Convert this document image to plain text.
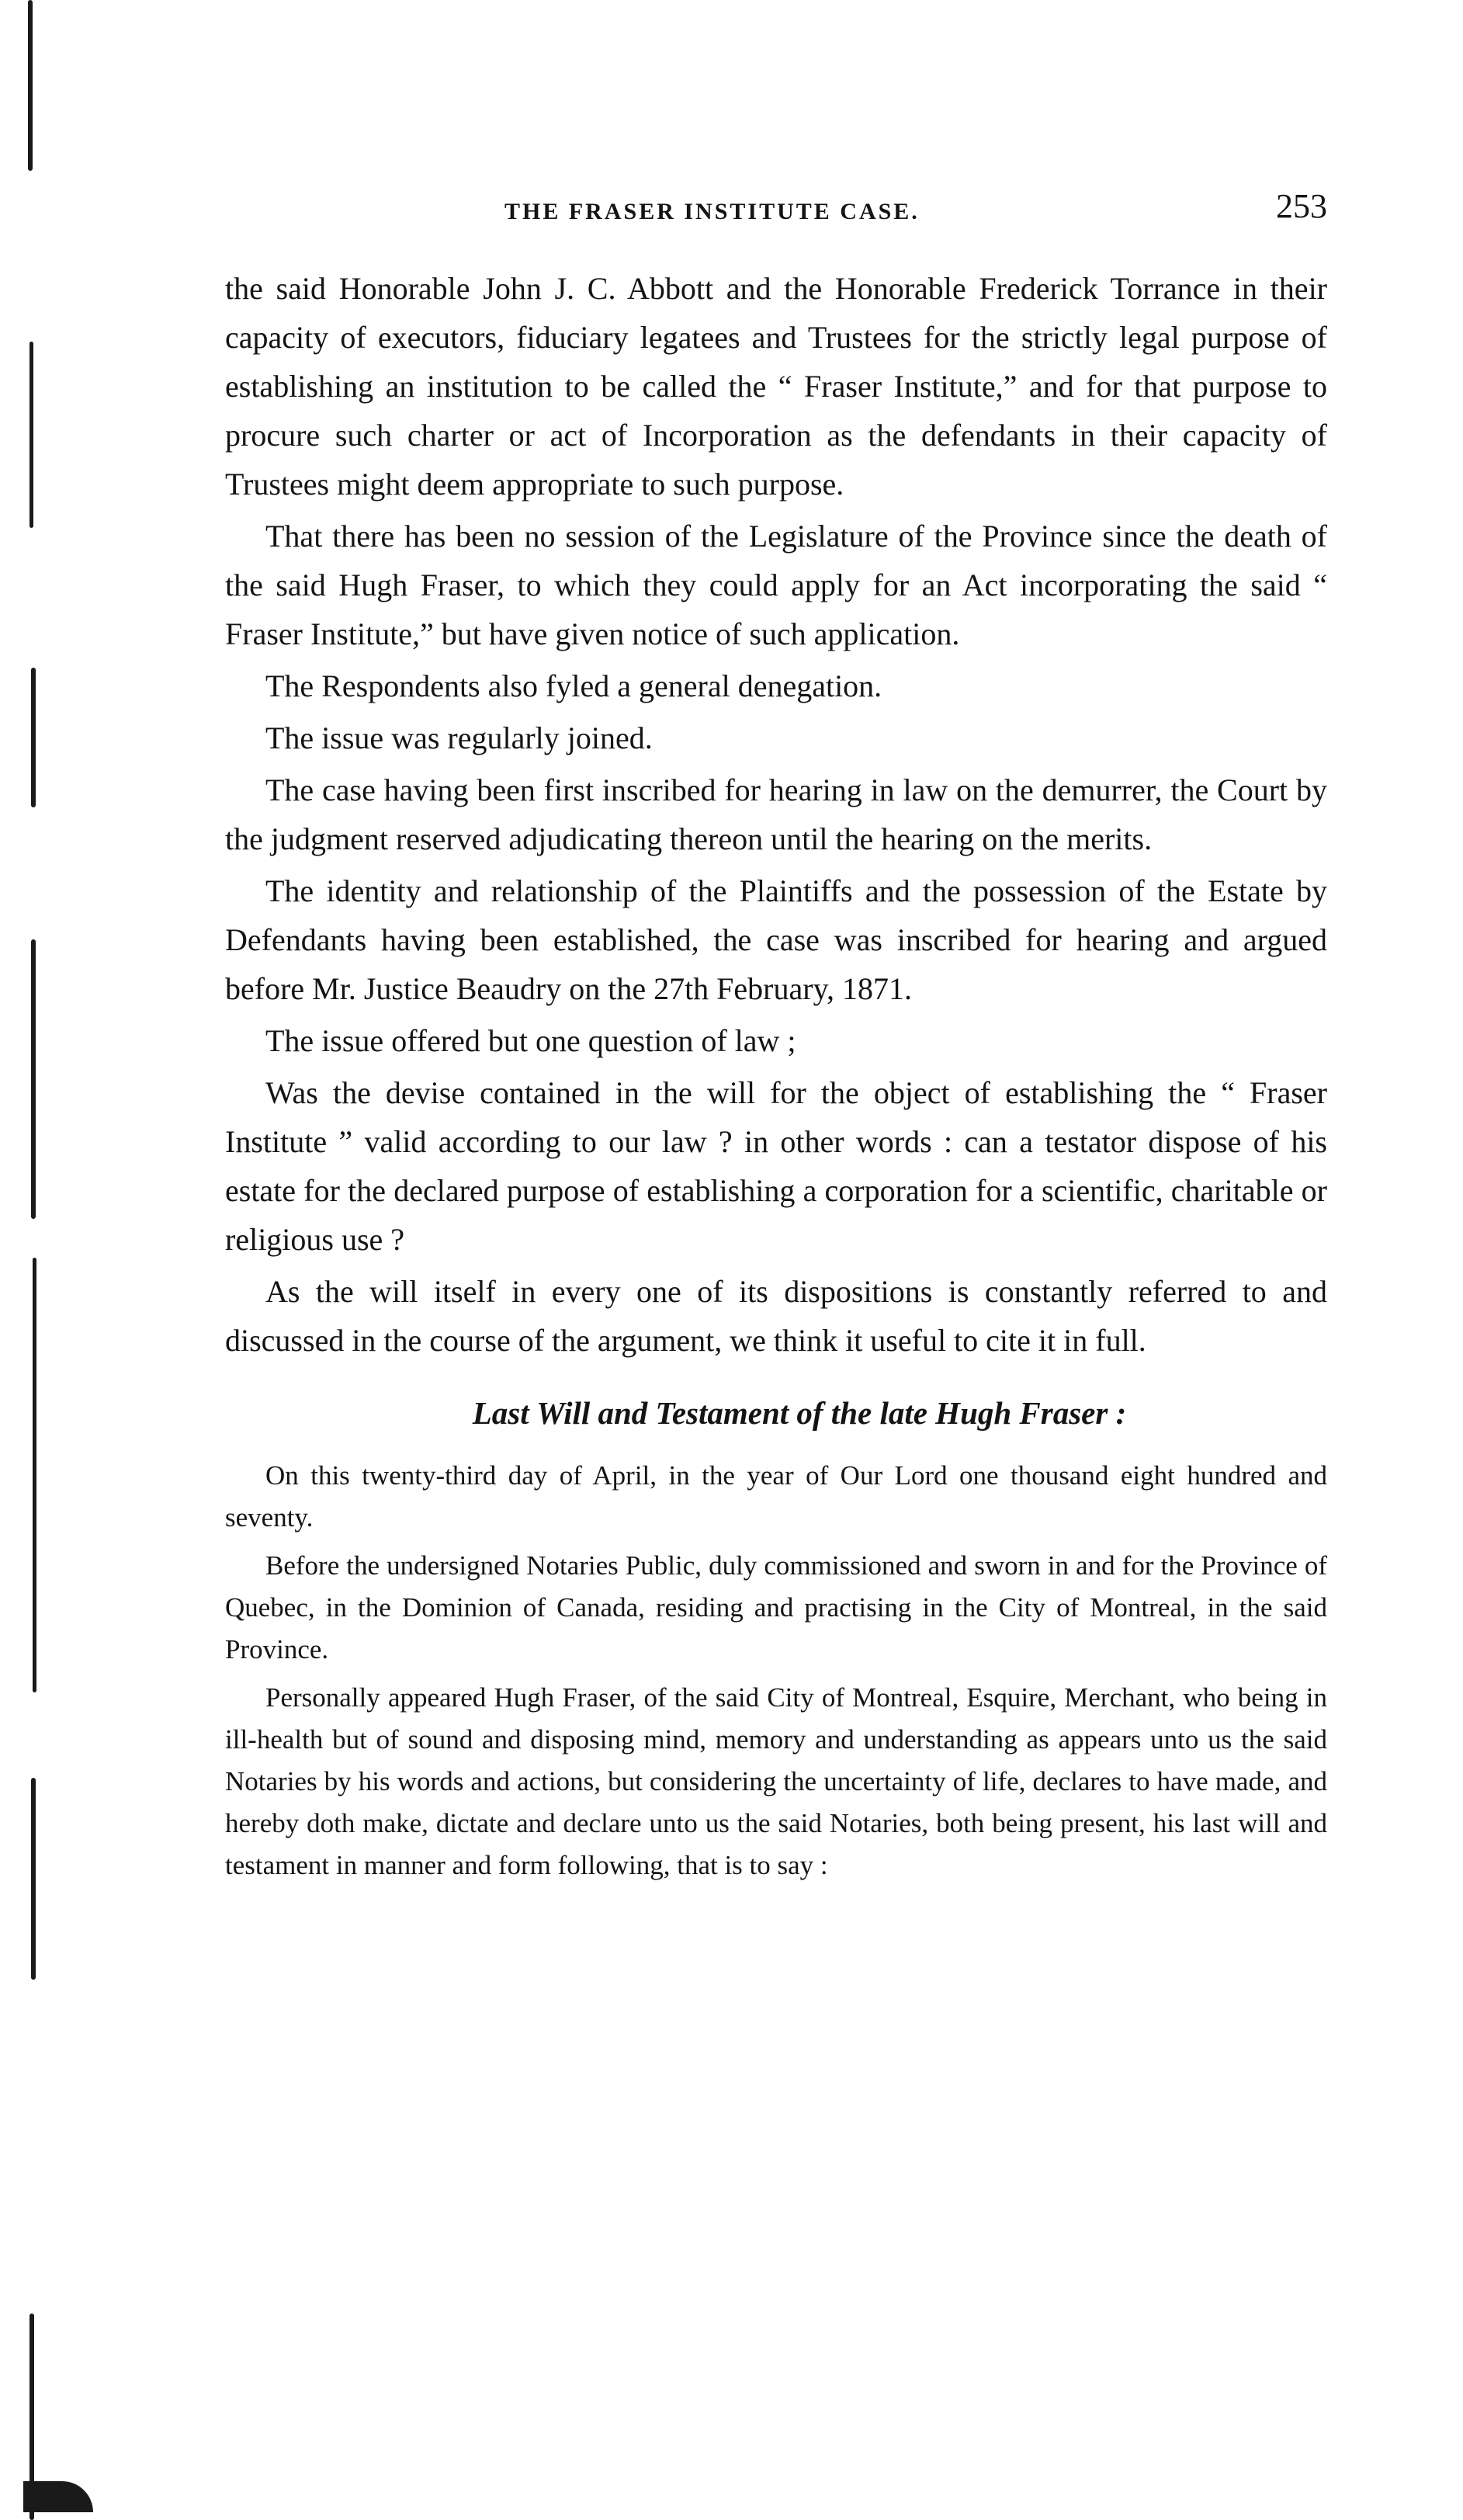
THE FRASER INSTITUTE CASE.	253

the said Honorable John J. C. Abbott and the Honorable Frederick Torrance in their capacity of executors, fiduciary legatees and Trustees for the strictly legal purpose of establishing an institution to be called the “ Fraser Institute,” and for that purpose to procure such charter or act of Incorporation as the defendants in their capacity of Trustees might deem appropriate to such purpose.

That there has been no session of the Legislature of the Province since the death of the said Hugh Fraser, to which they could apply for an Act incorporating the said “ Fraser Institute,” but have given notice of such application.

The Respondents also fyled a general denegation.

The issue was regularly joined.

The case having been first inscribed for hearing in law on the demurrer, the Court by the judgment reserved adjudicating thereon until the hearing on the merits.

The identity and relationship of the Plaintiffs and the possession of the Estate by Defendants having been established, the case was inscribed for hearing and argued before Mr. Justice Beaudry on the 27th February, 1871.

The issue offered but one question of law ;

Was the devise contained in the will for the object of establishing the “ Fraser Institute ” valid according to our law ? in other words : can a testator dispose of his estate for the declared purpose of establishing a corporation for a scientific, charitable or religious use ?

As the will itself in every one of its dispositions is constantly referred to and discussed in the course of the argument, we think it useful to cite it in full.

Last Will and Testament of the late Hugh Fraser :

On this twenty-third day of April, in the year of Our Lord one thousand eight hundred and seventy.

Before the undersigned Notaries Public, duly commissioned and sworn in and for the Province of Quebec, in the Dominion of Canada, residing and practising in the City of Montreal, in the said Province.

Personally appeared Hugh Fraser, of the said City of Montreal, Esquire, Merchant, who being in ill-health but of sound and disposing mind, memory and understanding as appears unto us the said Notaries by his words and actions, but considering the uncertainty of life, declares to have made, and hereby doth make, dictate and declare unto us the said Notaries, both being present, his last will and testament in manner and form following, that is to say :
